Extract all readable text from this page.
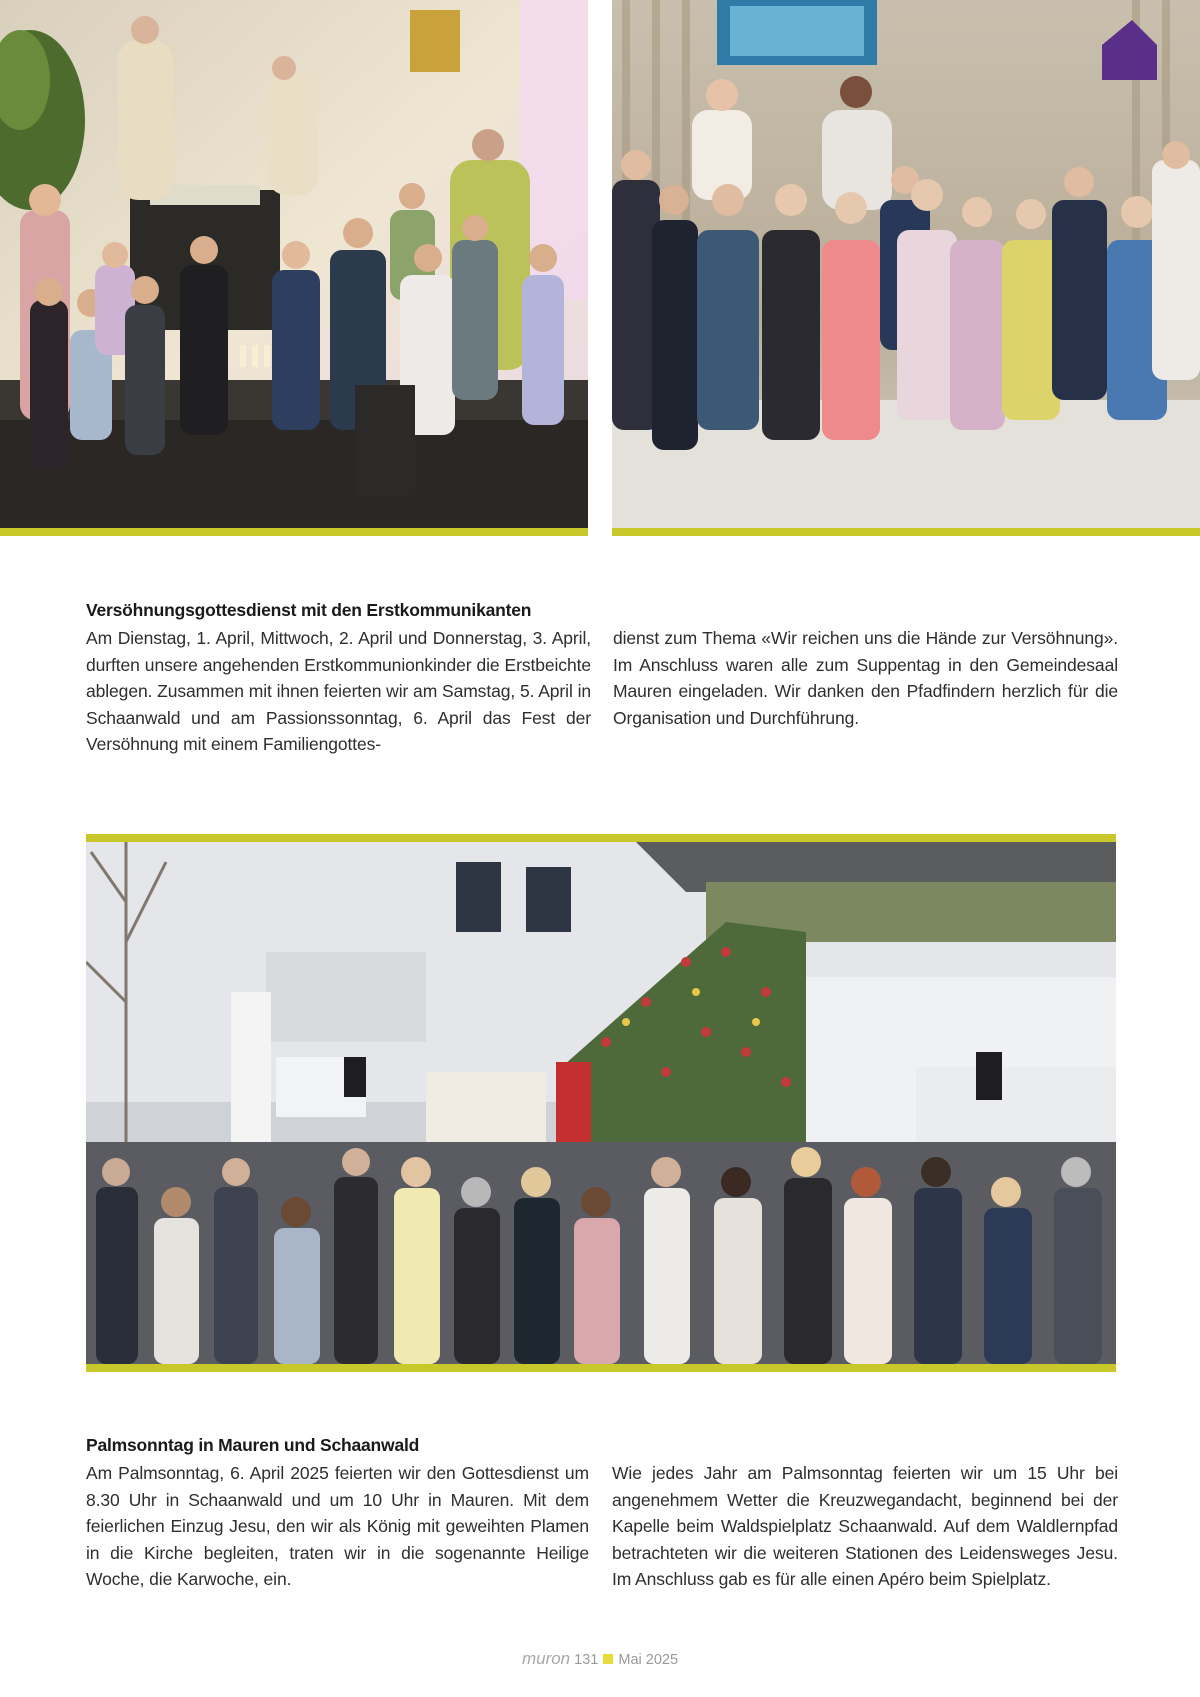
Versöhnungsgottesdienst mit den Erstkommunikanten
Am Dienstag, 1. April, Mittwoch, 2. April und Donnerstag, 3. April, durften unsere angehenden Erstkommunionkinder die Erstbeichte ablegen. Zusammen mit ihnen feierten wir am Samstag, 5. April in Schaanwald und am Passionssonntag, 6. April das Fest der Versöhnung mit einem Familiengottes-
dienst zum Thema «Wir reichen uns die Hände zur Versöhnung». Im Anschluss waren alle zum Suppentag in den Gemeindesaal Mauren eingeladen. Wir danken den Pfadfindern herzlich für die Organisation und Durchführung.
Palmsonntag in Mauren und Schaanwald
Am Palmsonntag, 6. April 2025 feierten wir den Gottesdienst um 8.30 Uhr in Schaanwald und um 10 Uhr in Mauren. Mit dem feierlichen Einzug Jesu, den wir als König mit geweihten Plamen in die Kirche begleiten, traten wir in die sogenannte Heilige Woche, die Karwoche, ein.
Wie jedes Jahr am Palmsonntag feierten wir um 15 Uhr bei angenehmem Wetter die Kreuzwegandacht, beginnend bei der Kapelle beim Waldspielplatz Schaanwald. Auf dem Waldlernpfad betrachteten wir die weiteren Stationen des Leidensweges Jesu. Im Anschluss gab es für alle einen Apéro beim Spielplatz.
muron 131 Mai 2025
